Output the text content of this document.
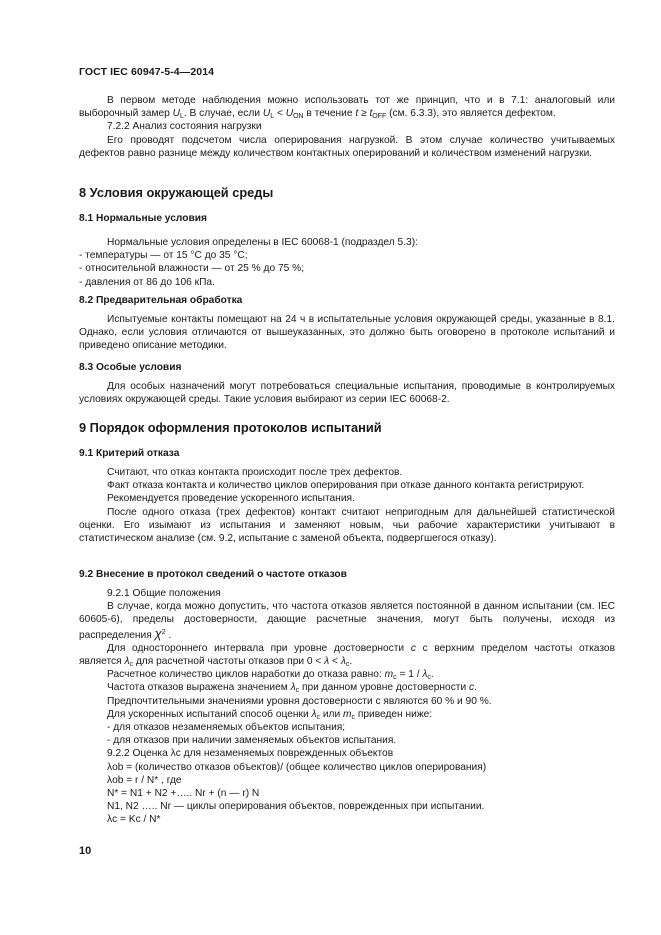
ГОСТ IEC 60947-5-4—2014

В первом методе наблюдения можно использовать тот же принцип, что и в 7.1: аналоговый или выборочный замер $U_L$. В случае, если $U_L < U_{ON}$ в течение $t \ge t_{OFF}$ (см. 6.3.3), это является дефектом.

7.2.2 Анализ состояния нагрузки

Его проводят подсчетом числа оперирования нагрузкой. В этом случае количество учитываемых дефектов равно разнице между количеством контактных оперирований и количеством изменений нагрузки.

8 Условия окружающей среды

8.1 Нормальные условия

Нормальные условия определены в IEC 60068-1 (подраздел 5.3):

- температуры — от 15 °С до 35 °С;

- относительной влажности — от 25 % до 75 %;

- давления от 86 до 106 кПа.

8.2 Предварительная обработка

Испытуемые контакты помещают на 24 ч в испытательные условия окружающей среды, указанные в 8.1. Однако, если условия отличаются от вышеуказанных, это должно быть оговорено в протоколе испытаний и приведено описание методики.

8.3 Особые условия

Для особых назначений могут потребоваться специальные испытания, проводимые в контролируемых условиях окружающей среды. Такие условия выбирают из серии IEC 60068-2.

9 Порядок оформления протоколов испытаний

9.1 Критерий отказа

Считают, что отказ контакта происходит после трех дефектов.

Факт отказа контакта и количество циклов оперирования при отказе данного контакта регистрируют.

Рекомендуется проведение ускоренного испытания.

После одного отказа (трех дефектов) контакт считают непригодным для дальнейшей статистической оценки. Его изымают из испытания и заменяют новым, чьи рабочие характеристики учитывают в статистическом анализе (см. 9.2, испытание с заменой объекта, подвергшегося отказу).

9.2 Внесение в протокол сведений о частоте отказов

9.2.1 Общие положения

В случае, когда можно допустить, что частота отказов является постоянной в данном испытании (см. IEC 60605-6), пределы достоверности, дающие расчетные значения, могут быть получены, исходя из распределения $\chi^2$ .

Для одностороннего интервала при уровне достоверности c с верхним пределом частоты отказов является $\lambda_c$ для расчетной частоты отказов при $0 < \lambda < \lambda_c$.

Расчетное количество циклов наработки до отказа равно: $m_c = 1 / \lambda_c$.

Частота отказов выражена значением $\lambda_c$ при данном уровне достоверности c.

Предпочтительными значениями уровня достоверности с являются 60 % и 90 %.

Для ускоренных испытаний способ оценки $\lambda_c$ или $m_c$ приведен ниже:

- для отказов незаменяемых объектов испытания;

- для отказов при наличии заменяемых объектов испытания.

9.2.2 Оценка λc для незаменяемых поврежденных объектов

λob = (количество отказов объектов)/ (общее количество циклов оперирования)

λob = r / N* , где

N* = N1 + N2 +….. Nr + (n — r) N

N1, N2 ….. Nr — циклы оперирования объектов, поврежденных при испытании.

λc = Kc / N*

10
